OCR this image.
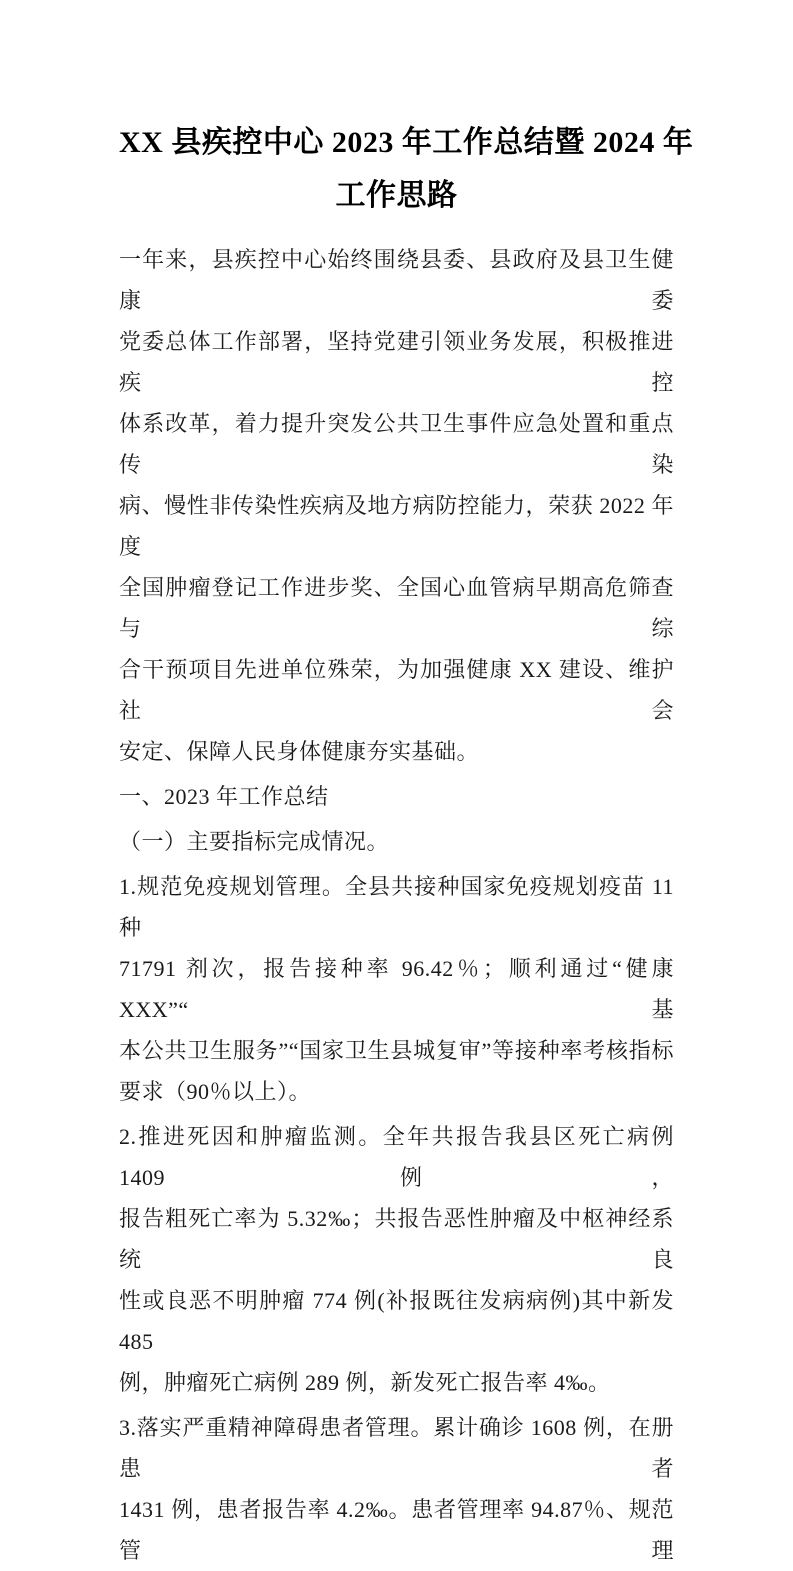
XX 县疾控中心 2023 年工作总结暨 2024 年
工作思路
一年来，县疾控中心始终围绕县委、县政府及县卫生健康委
党委总体工作部署，坚持党建引领业务发展，积极推进疾控
体系改革，着力提升突发公共卫生事件应急处置和重点传染
病、慢性非传染性疾病及地方病防控能力，荣获 2022 年度
全国肿瘤登记工作进步奖、全国心血管病早期高危筛查与综
合干预项目先进单位殊荣，为加强健康 XX 建设、维护社会
安定、保障人民身体健康夯实基础。
一、2023 年工作总结
（一）主要指标完成情况。
1.规范免疫规划管理。全县共接种国家免疫规划疫苗 11 种
71791 剂次，报告接种率 96.42％；顺利通过“健康 XXX”“基
本公共卫生服务”“国家卫生县城复审”等接种率考核指标
要求（90％以上）。
2.推进死因和肿瘤监测。全年共报告我县区死亡病例 1409 例，
报告粗死亡率为 5.32‰；共报告恶性肿瘤及中枢神经系统良
性或良恶不明肿瘤 774 例(补报既往发病病例)其中新发 485
例，肿瘤死亡病例 289 例，新发死亡报告率 4‰。
3.落实严重精神障碍患者管理。累计确诊 1608 例，在册患者
1431 例，患者报告率 4.2‰。患者管理率 94.87％、规范管理
